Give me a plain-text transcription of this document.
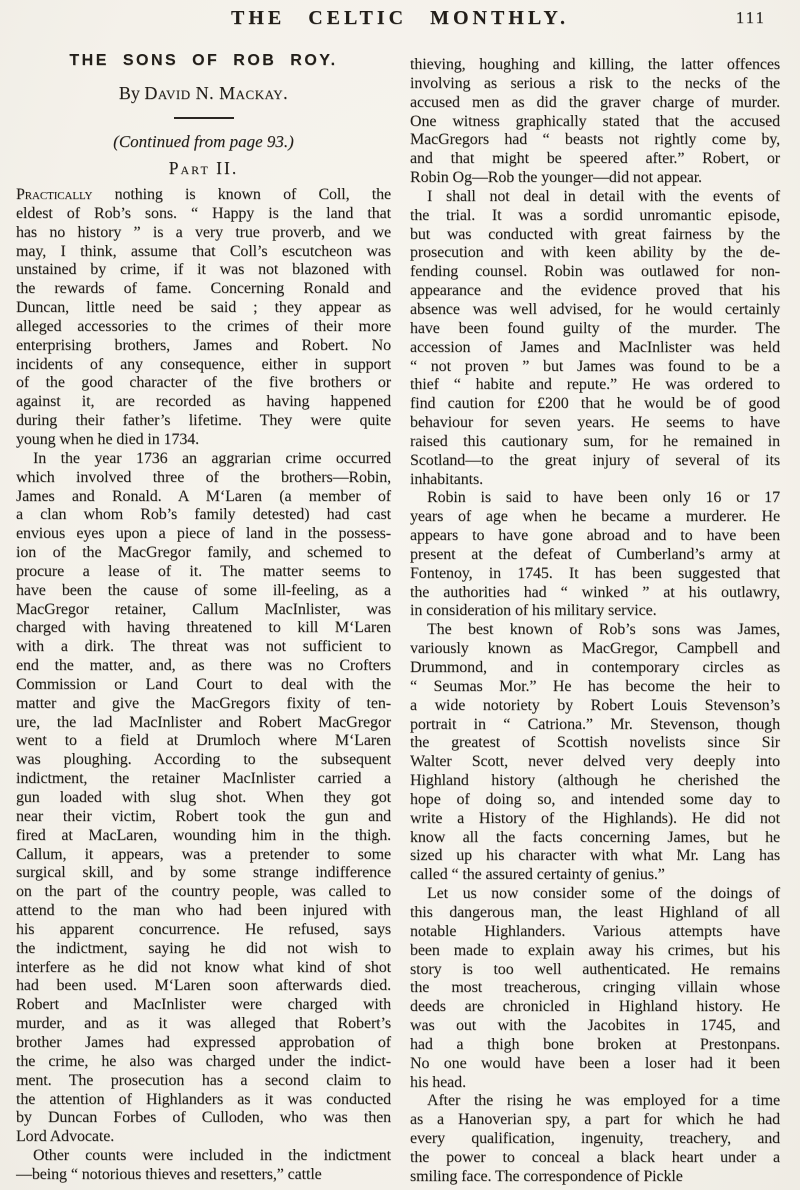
THE CELTIC MONTHLY.	111
THE SONS OF ROB ROY.
By David N. Mackay.
(Continued from page 93.)
Part II.
Practically nothing is known of Coll, the
eldest of Rob’s sons. “ Happy is the land that
has no history ” is a very true proverb, and we
may, I think, assume that Coll’s escutcheon was
unstained by crime, if it was not blazoned with
the rewards of fame. Concerning Ronald and
Duncan, little need be said ; they appear as
alleged accessories to the crimes of their more
enterprising brothers, James and Robert. No
incidents of any consequence, either in support
of the good character of the five brothers or
against it, are recorded as having happened
during their father’s lifetime. They were quite
young when he died in 1734.
In the year 1736 an aggrarian crime occurred
which involved three of the brothers—Robin,
James and Ronald. A M‘Laren (a member of
a clan whom Rob’s family detested) had cast
envious eyes upon a piece of land in the possess-
ion of the MacGregor family, and schemed to
procure a lease of it. The matter seems to
have been the cause of some ill-feeling, as a
MacGregor retainer, Callum MacInlister, was
charged with having threatened to kill M‘Laren
with a dirk. The threat was not sufficient to
end the matter, and, as there was no Crofters
Commission or Land Court to deal with the
matter and give the MacGregors fixity of ten-
ure, the lad MacInlister and Robert MacGregor
went to a field at Drumloch where M‘Laren
was ploughing. According to the subsequent
indictment, the retainer MacInlister carried a
gun loaded with slug shot. When they got
near their victim, Robert took the gun and
fired at MacLaren, wounding him in the thigh.
Callum, it appears, was a pretender to some
surgical skill, and by some strange indifference
on the part of the country people, was called to
attend to the man who had been injured with
his apparent concurrence. He refused, says
the indictment, saying he did not wish to
interfere as he did not know what kind of shot
had been used. M‘Laren soon afterwards died.
Robert and MacInlister were charged with
murder, and as it was alleged that Robert’s
brother James had expressed approbation of
the crime, he also was charged under the indict-
ment. The prosecution has a second claim to
the attention of Highlanders as it was conducted
by Duncan Forbes of Culloden, who was then
Lord Advocate.
Other counts were included in the indictment
—being “ notorious thieves and resetters,” cattle
thieving, houghing and killing, the latter offences
involving as serious a risk to the necks of the
accused men as did the graver charge of murder.
One witness graphically stated that the accused
MacGregors had “ beasts not rightly come by,
and that might be speered after.” Robert, or
Robin Og—Rob the younger—did not appear.
I shall not deal in detail with the events of
the trial. It was a sordid unromantic episode,
but was conducted with great fairness by the
prosecution and with keen ability by the de-
fending counsel. Robin was outlawed for non-
appearance and the evidence proved that his
absence was well advised, for he would certainly
have been found guilty of the murder. The
accession of James and MacInlister was held
“ not proven ” but James was found to be a
thief “ habite and repute.” He was ordered to
find caution for £200 that he would be of good
behaviour for seven years. He seems to have
raised this cautionary sum, for he remained in
Scotland—to the great injury of several of its
inhabitants.
Robin is said to have been only 16 or 17
years of age when he became a murderer. He
appears to have gone abroad and to have been
present at the defeat of Cumberland’s army at
Fontenoy, in 1745. It has been suggested that
the authorities had “ winked ” at his outlawry,
in consideration of his military service.
The best known of Rob’s sons was James,
variously known as MacGregor, Campbell and
Drummond, and in contemporary circles as
“ Seumas Mor.” He has become the heir to
a wide notoriety by Robert Louis Stevenson’s
portrait in “ Catriona.” Mr. Stevenson, though
the greatest of Scottish novelists since Sir
Walter Scott, never delved very deeply into
Highland history (although he cherished the
hope of doing so, and intended some day to
write a History of the Highlands). He did not
know all the facts concerning James, but he
sized up his character with what Mr. Lang has
called “ the assured certainty of genius.”
Let us now consider some of the doings of
this dangerous man, the least Highland of all
notable Highlanders. Various attempts have
been made to explain away his crimes, but his
story is too well authenticated. He remains
the most treacherous, cringing villain whose
deeds are chronicled in Highland history. He
was out with the Jacobites in 1745, and
had a thigh bone broken at Prestonpans.
No one would have been a loser had it been
his head.
After the rising he was employed for a time
as a Hanoverian spy, a part for which he had
every qualification, ingenuity, treachery, and
the power to conceal a black heart under a
smiling face. The correspondence of Pickle
